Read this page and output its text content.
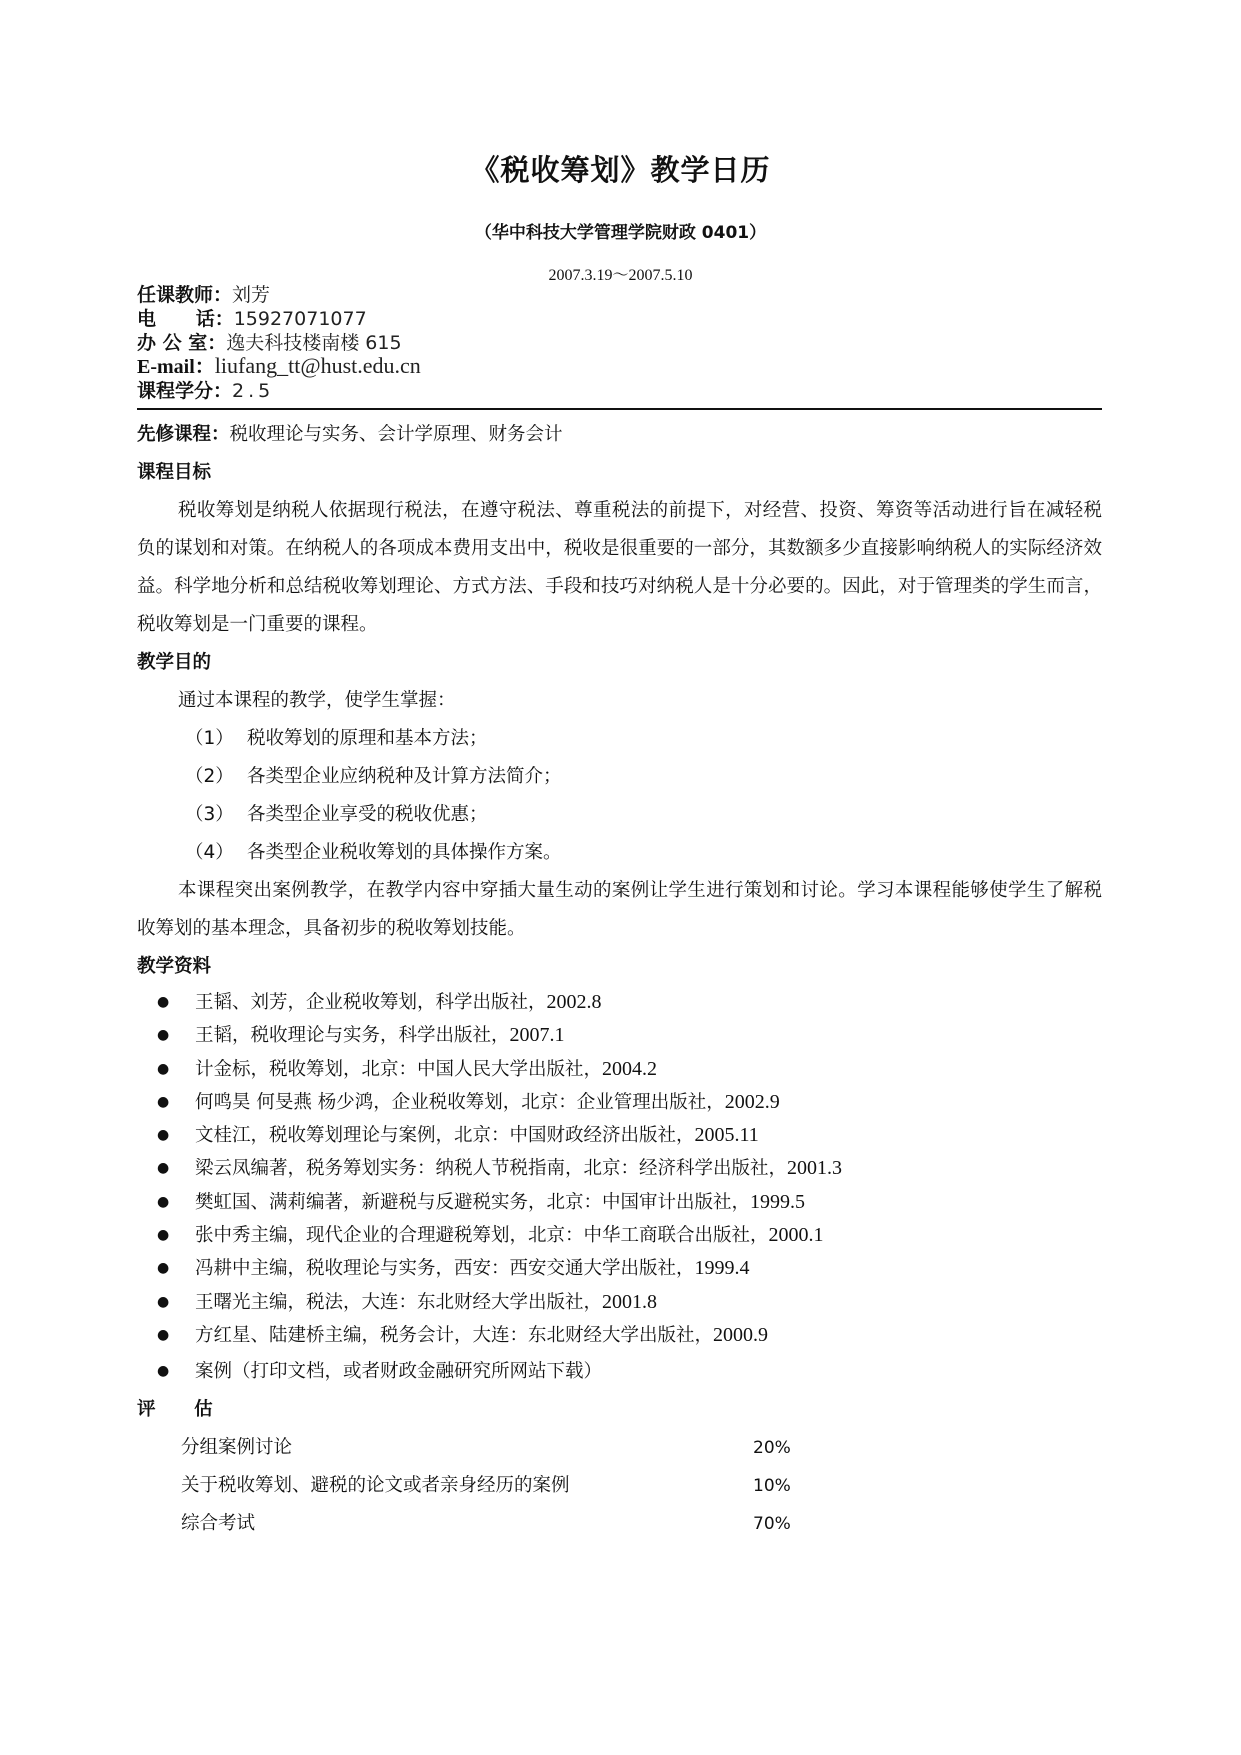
《税收筹划》教学日历
（华中科技大学管理学院财政 0401）
2007.3.19～2007.5.10
任课教师：刘芳
电      话：15927071077
办 公 室：逸夫科技楼南楼 615
E-mail：liufang_tt@hust.edu.cn
课程学分：2.5
先修课程：税收理论与实务、会计学原理、财务会计
课程目标

税收筹划是纳税人依据现行税法，在遵守税法、尊重税法的前提下，对经营、投资、筹资等活动进行旨在减轻税负的谋划和对策。在纳税人的各项成本费用支出中，税收是很重要的一部分，其数额多少直接影响纳税人的实际经济效益。科学地分析和总结税收筹划理论、方式方法、手段和技巧对纳税人是十分必要的。因此，对于管理类的学生而言，税收筹划是一门重要的课程。

教学目的
通过本课程的教学，使学生掌握：
（1） 税收筹划的原理和基本方法；
（2） 各类型企业应纳税种及计算方法简介；
（3） 各类型企业享受的税收优惠；
（4） 各类型企业税收筹划的具体操作方案。

本课程突出案例教学，在教学内容中穿插大量生动的案例让学生进行策划和讨论。学习本课程能够使学生了解税收筹划的基本理念，具备初步的税收筹划技能。

教学资料
● 王韬、刘芳，企业税收筹划，科学出版社，2002.8
● 王韬，税收理论与实务，科学出版社，2007.1
● 计金标，税收筹划，北京：中国人民大学出版社，2004.2
● 何鸣昊 何旻燕 杨少鸿，企业税收筹划，北京：企业管理出版社，2002.9
● 文桂江，税收筹划理论与案例，北京：中国财政经济出版社，2005.11
● 梁云凤编著，税务筹划实务：纳税人节税指南，北京：经济科学出版社，2001.3
● 樊虹国、满莉编著，新避税与反避税实务，北京：中国审计出版社，1999.5
● 张中秀主编，现代企业的合理避税筹划，北京：中华工商联合出版社，2000.1
● 冯耕中主编，税收理论与实务，西安：西安交通大学出版社，1999.4
● 王曙光主编，税法，大连：东北财经大学出版社，2001.8
● 方红星、陆建桥主编，税务会计，大连：东北财经大学出版社，2000.9
● 案例（打印文档，或者财政金融研究所网站下载）
评      估
分组案例讨论	20%
关于税收筹划、避税的论文或者亲身经历的案例	10%
综合考试	70%
